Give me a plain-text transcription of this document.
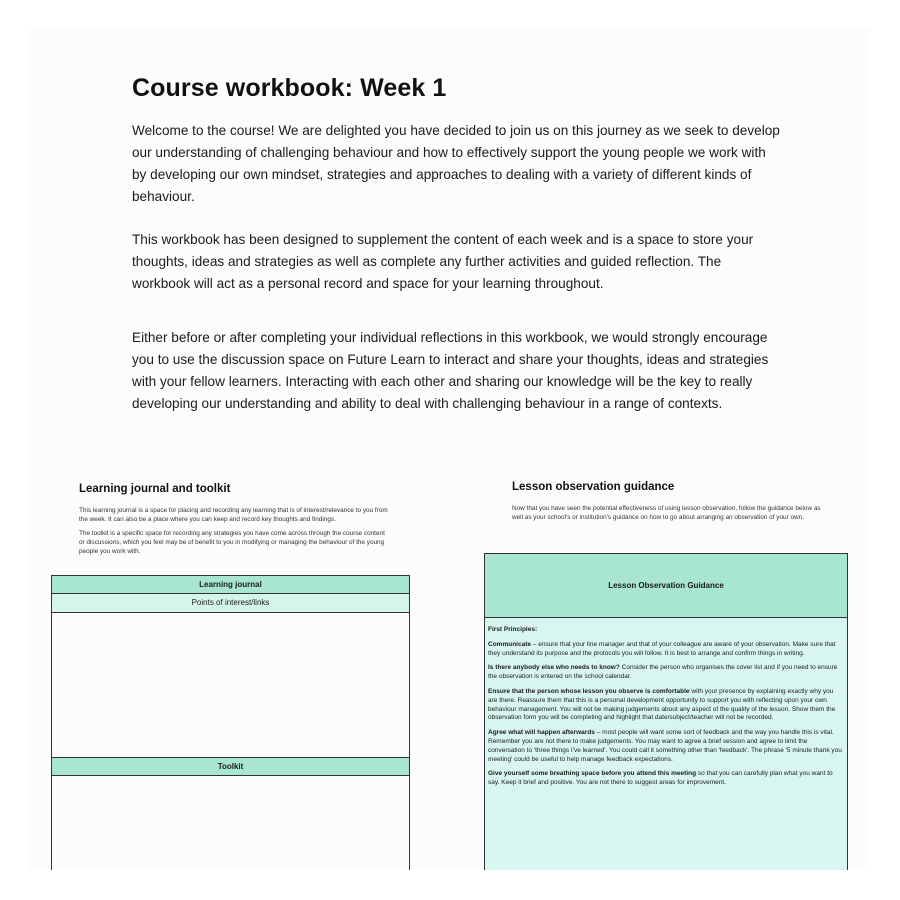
Course workbook: Week 1

Welcome to the course! We are delighted you have decided to join us on this journey as we seek to develop our understanding of challenging behaviour and how to effectively support the young people we work with by developing our own mindset, strategies and approaches to dealing with a variety of different kinds of behaviour.

This workbook has been designed to supplement the content of each week and is a space to store your thoughts, ideas and strategies as well as complete any further activities and guided reflection. The workbook will act as a personal record and space for your learning throughout.

Either before or after completing your individual reflections in this workbook, we would strongly encourage you to use the discussion space on Future Learn to interact and share your thoughts, ideas and strategies with your fellow learners. Interacting with each other and sharing our knowledge will be the key to really developing our understanding and ability to deal with challenging behaviour in a range of contexts.

Learning journal and toolkit

This learning journal is a space for placing and recording any learning that is of interest/relevance to you from the week. It can also be a place where you can keep and record key thoughts and findings.

The toolkit is a specific space for recording any strategies you have come across through the course content or discussions, which you feel may be of benefit to you in modifying or managing the behaviour of the young people you work with.

Learning journal
Points of interest/links
Toolkit
Lesson observation guidance

Now that you have seen the potential effectiveness of using lesson observation, follow the guidance below as well as your school's or institution's guidance on how to go about arranging an observation of your own.

Lesson Observation Guidance

First Principles:

Communicate – ensure that your line manager and that of your colleague are aware of your observation. Make sure that they understand its purpose and the protocols you will follow. It is best to arrange and confirm things in writing.

Is there anybody else who needs to know? Consider the person who organises the cover list and if you need to ensure the observation is entered on the school calendar.

Ensure that the person whose lesson you observe is comfortable with your presence by explaining exactly why you are there. Reassure them that this is a personal development opportunity to support you with reflecting upon your own behaviour management. You will not be making judgements about any aspect of the quality of the lesson. Show them the observation form you will be completing and highlight that date/subject/teacher will not be recorded.

Agree what will happen afterwards – most people will want some sort of feedback and the way you handle this is vital. Remember you are not there to make judgements. You may want to agree a brief session and agree to limit the conversation to 'three things I've learned'. You could call it something other than 'feedback'. The phrase '5 minute thank you meeting' could be useful to help manage feedback expectations.

Give yourself some breathing space before you attend this meeting so that you can carefully plan what you want to say. Keep it brief and positive. You are not there to suggest areas for improvement.
